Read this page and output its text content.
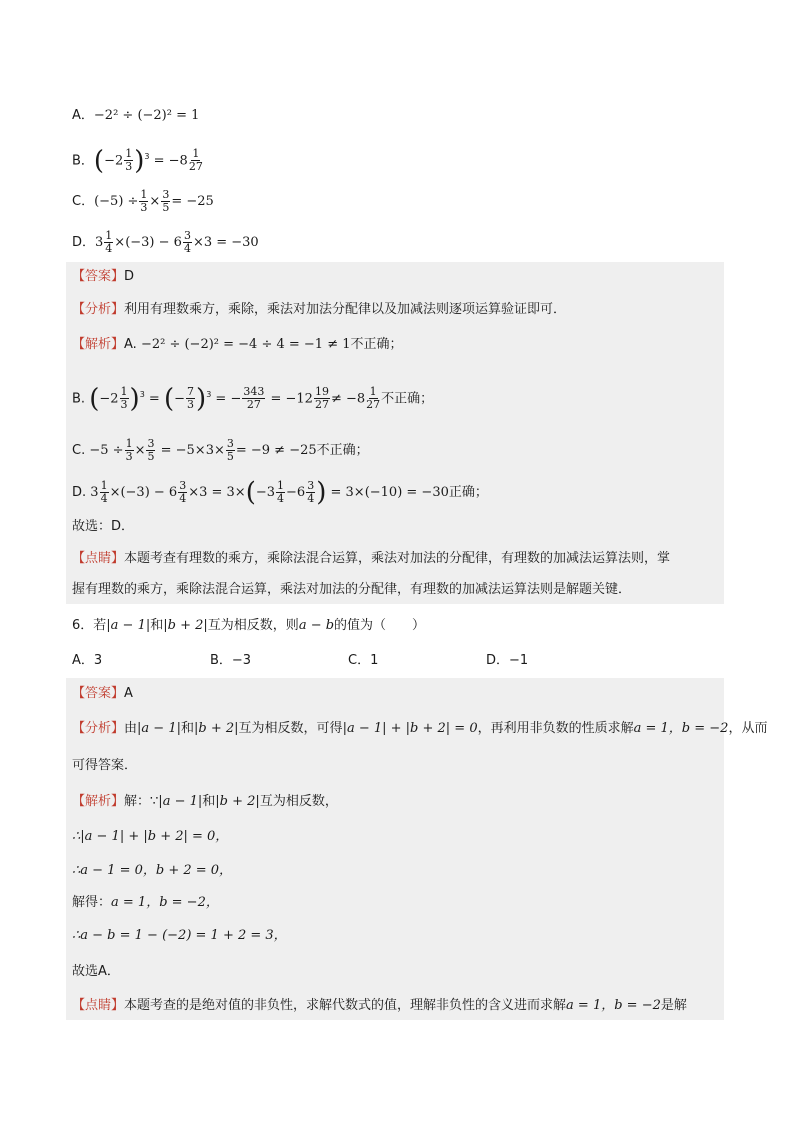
A．−2² ÷ (−2)² = 1
B．$(-2 \frac{1}{3} )^3 = -8 \frac{1}{27}$
C．$(-5) \div \frac{1}{3} \times \frac{3}{5} = -25$
D．$3 \frac{1}{4} \times(-3) - 6 \frac{3}{4} \times 3 = -30$
【答案】D
【分析】利用有理数乘方，乘除，乘法对加法分配律以及加减法则逐项运算验证即可．
【解析】A. −2² ÷ (−2)² = −4 ÷ 4 = −1 ≠ 1不正确；
B. $(-2 \frac{1}{3} )^3$ = (− $\frac{7}{3} )^3$ = − $\frac{343}{27} = -12 \frac{19}{27} \ne -8 \frac{1}{27}$ 不正确；
C. $-5 \div \frac{1}{3} \times \frac{3}{5} = -5\times 3\times \frac{3}{5} = -9 \ne -25$不正确；
D. $3 \frac{1}{4} \times(-3) - 6 \frac{3}{4} \times 3 = 3\times(-3 \frac{1}{4} -6 \frac{3}{4}$ ) = 3×(−10) = −30正确；
故选：D．
【点睛】本题考查有理数的乘方，乘除法混合运算，乘法对加法的分配律，有理数的加减法运算法则，掌
握有理数的乘方，乘除法混合运算，乘法对加法的分配律，有理数的加减法运算法则是解题关键．
6．若|a − 1|和|b + 2|互为相反数，则a − b的值为（　　）
A．3	B．−3	C．1	D．−1
【答案】A
【分析】由|a − 1|和|b + 2|互为相反数，可得|a − 1| + |b + 2| = 0，再利用非负数的性质求解a = 1，b = −2，从而
可得答案．
【解析】解：∵|a − 1|和|b + 2|互为相反数，
∴|a − 1| + |b + 2| = 0，
∴a − 1 = 0，b + 2 = 0，
解得：a = 1，b = −2，
∴a − b = 1 − (−2) = 1 + 2 = 3，
故选A．
【点睛】本题考查的是绝对值的非负性，求解代数式的值，理解非负性的含义进而求解a = 1，b = −2是解
